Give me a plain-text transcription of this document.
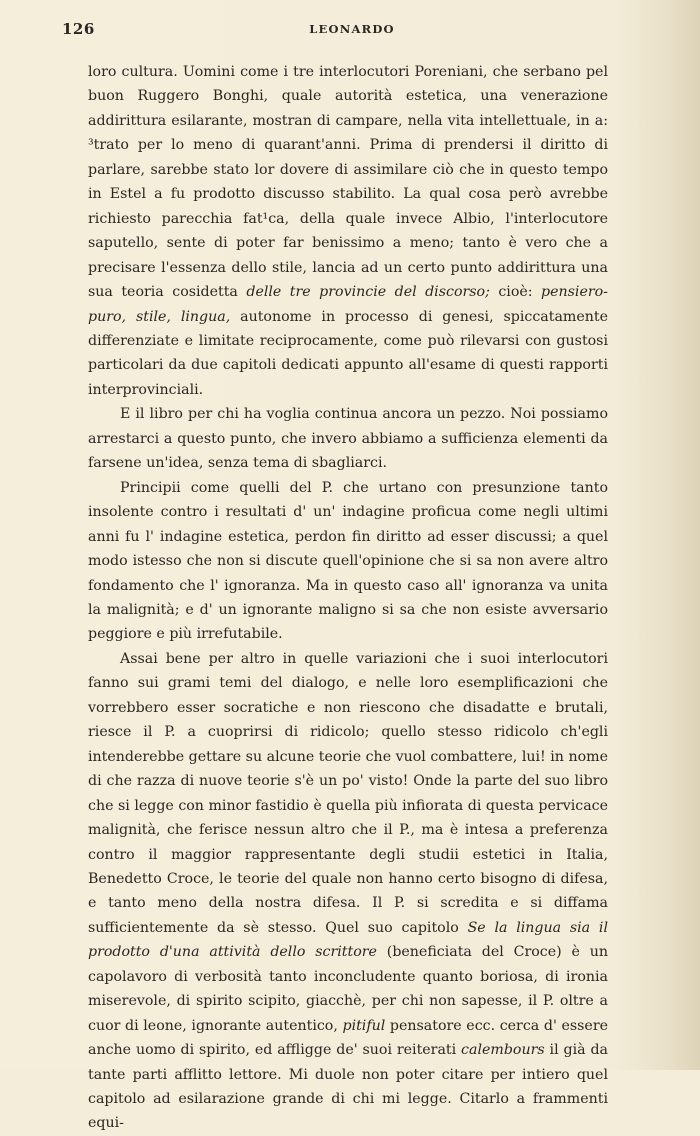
126	LEONARDO

loro cultura. Uomini come i tre interlocutori Poreniani, che serbano pel buon Ruggero Bonghi, quale autorità estetica, una venerazione addirittura esilarante, mostran di campare, nella vita intellettuale, in a: ³trato per lo meno di quarant'anni. Prima di prendersi il diritto di parlare, sarebbe stato lor dovere di assimilare ciò che in questo tempo in Estel a fu prodotto discusso stabilito. La qual cosa però avrebbe richiesto parecchia fat¹ca, della quale invece Albio, l'interlocutore saputello, sente di poter far benissimo a meno; tanto è vero che a precisare l'essenza dello stile, lancia ad un certo punto addirittura una sua teoria cosidetta delle tre provincie del discorso; cioè: pensiero-puro, stile, lingua, autonome in processo di genesi, spiccatamente differenziate e limitate reciprocamente, come può rilevarsi con gustosi particolari da due capitoli dedicati appunto all'esame di questi rapporti interprovinciali.

E il libro per chi ha voglia continua ancora un pezzo. Noi possiamo arrestarci a questo punto, che invero abbiamo a sufficienza elementi da farsene un'idea, senza tema di sbagliarci.

Principii come quelli del P. che urtano con presunzione tanto insolente contro i resultati d' un' indagine proficua come negli ultimi anni fu l' indagine estetica, perdon fin diritto ad esser discussi; a quel modo istesso che non si discute quell'opinione che si sa non avere altro fondamento che l' ignoranza. Ma in questo caso all' ignoranza va unita la malignità; e d' un ignorante maligno si sa che non esiste avversario peggiore e più irrefutabile.

Assai bene per altro in quelle variazioni che i suoi interlocutori fanno sui grami temi del dialogo, e nelle loro esemplificazioni che vorrebbero esser socratiche e non riescono che disadatte e brutali, riesce il P. a cuoprirsi di ridicolo; quello stesso ridicolo ch'egli intenderebbe gettare su alcune teorie che vuol combattere, lui! in nome di che razza di nuove teorie s'è un po' visto! Onde la parte del suo libro che si legge con minor fastidio è quella più infiorata di questa pervicace malignità, che ferisce nessun altro che il P., ma è intesa a preferenza contro il maggior rappresentante degli studii estetici in Italia, Benedetto Croce, le teorie del quale non hanno certo bisogno di difesa, e tanto meno della nostra difesa. Il P. si scredita e si diffama sufficientemente da sè stesso. Quel suo capitolo Se la lingua sia il prodotto d'una attività dello scrittore (beneficiata del Croce) è un capolavoro di verbosità tanto inconcludente quanto boriosa, di ironia miserevole, di spirito scipito, giacchè, per chi non sapesse, il P. oltre a cuor di leone, ignorante autentico, pitiful pensatore ecc. cerca d' essere anche uomo di spirito, ed affligge de' suoi reiterati calembours il già da tante parti afflitto lettore. Mi duole non poter citare per intiero quel capitolo ad esilarazione grande di chi mi legge. Citarlo a frammenti equi-
